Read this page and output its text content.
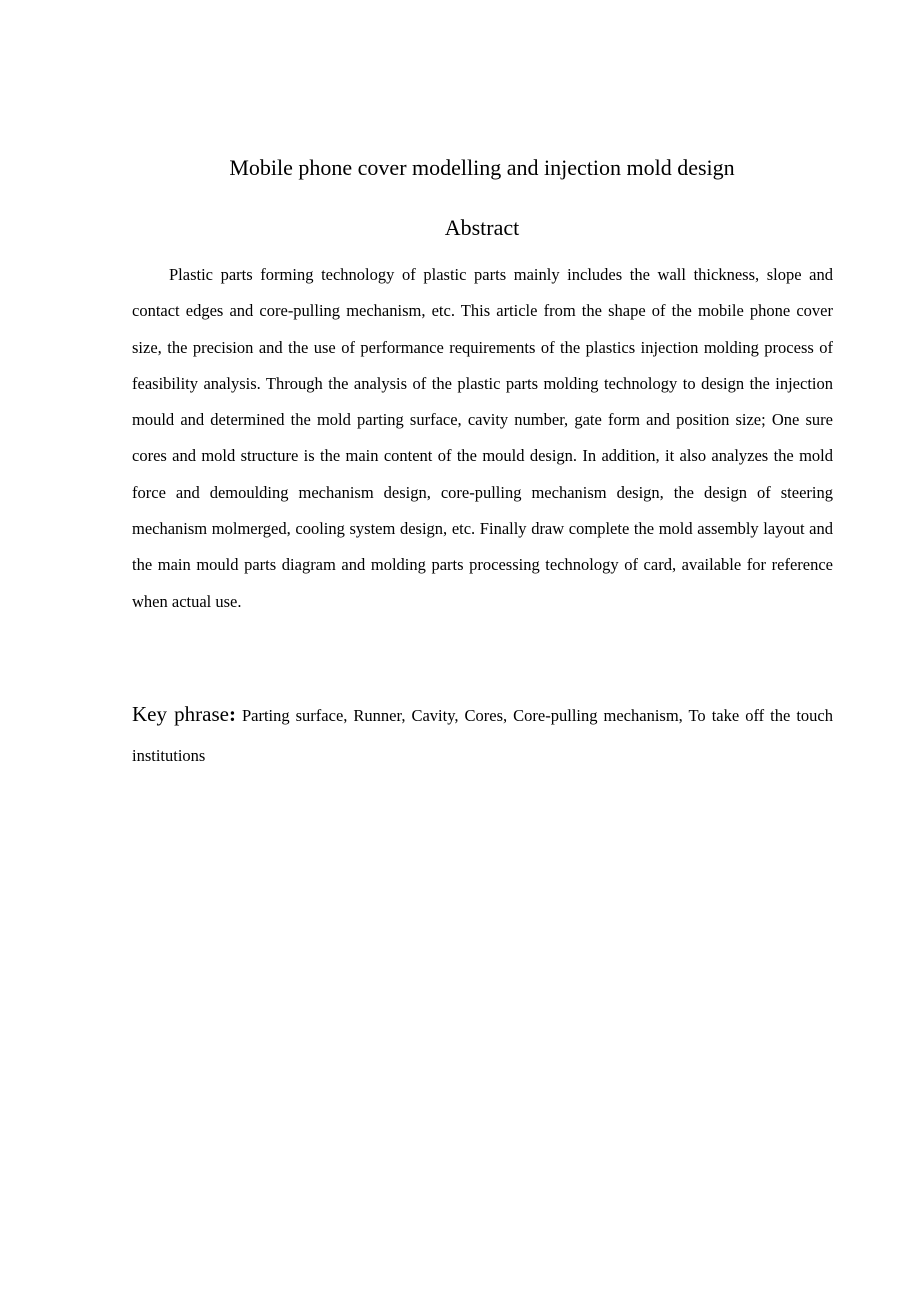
Mobile phone cover modelling and injection mold design
Abstract

Plastic parts forming technology of plastic parts mainly includes the wall thickness, slope and contact edges and core-pulling mechanism, etc. This article from the shape of the mobile phone cover size, the precision and the use of performance requirements of the plastics injection molding process of feasibility analysis. Through the analysis of the plastic parts molding technology to design the injection mould and determined the mold parting surface, cavity number, gate form and position size; One sure cores and mold structure is the main content of the mould design. In addition, it also analyzes the mold force and demoulding mechanism design, core-pulling mechanism design, the design of steering mechanism molmerged, cooling system design, etc. Finally draw complete the mold assembly layout and the main mould parts diagram and molding parts processing technology of card, available for reference when actual use.

Key phrase: Parting surface, Runner, Cavity, Cores, Core-pulling mechanism, To take off the touch institutions
